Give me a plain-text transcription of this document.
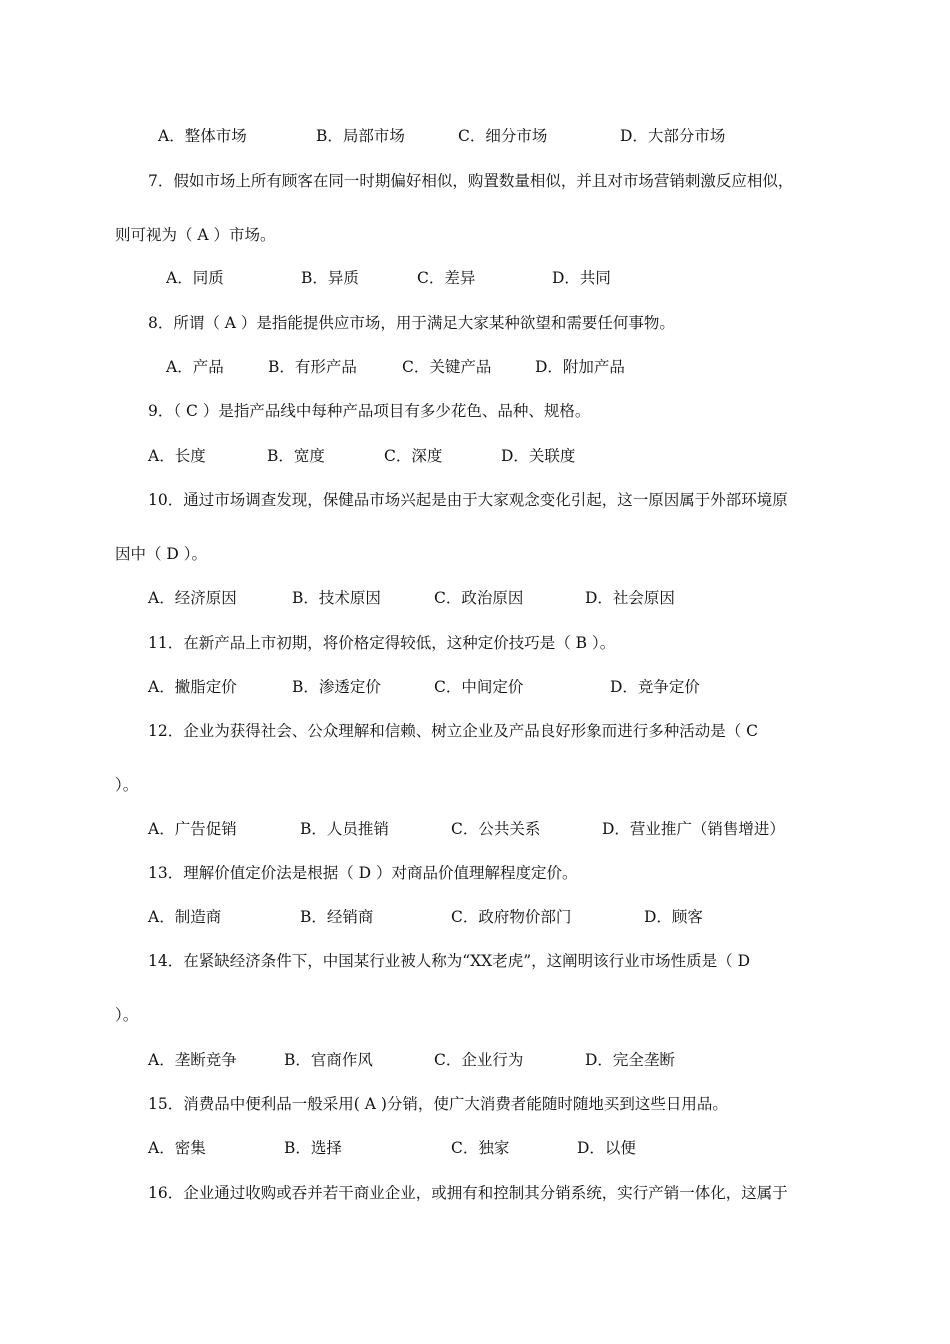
A．整体市场	B．局部市场	C．细分市场	D．大部分市场
7．假如市场上所有顾客在同一时期偏好相似，购置数量相似，并且对市场营销刺激反应相似，
则可视为（ A ）市场。
A．同质	B．异质	C．差异	D．共同
8．所谓（ A ）是指能提供应市场，用于满足大家某种欲望和需要任何事物。
A．产品	B．有形产品	C．关键产品	D．附加产品
9．（ C ）是指产品线中每种产品项目有多少花色、品种、规格。
A．长度	B．宽度	C．深度	D．关联度
10．通过市场调查发现，保健品市场兴起是由于大家观念变化引起，这一原因属于外部环境原
因中（ D ）。
A．经济原因	B．技术原因	C．政治原因	D．社会原因
11．在新产品上市初期，将价格定得较低，这种定价技巧是（ B ）。
A．撇脂定价	B．渗透定价	C．中间定价	D．竞争定价
12．企业为获得社会、公众理解和信赖、树立企业及产品良好形象而进行多种活动是（ C
）。
A．广告促销	B．人员推销	C．公共关系	D．营业推广（销售增进）
13．理解价值定价法是根据（ D ）对商品价值理解程度定价。
A．制造商	B．经销商	C．政府物价部门	D．顾客
14．在紧缺经济条件下，中国某行业被人称为“XX老虎”，这阐明该行业市场性质是（ D
）。
A．垄断竞争	B．官商作风	C．企业行为	D．完全垄断
15．消费品中便利品一般采用( A )分销，使广大消费者能随时随地买到这些日用品。
A．密集	B．选择	C．独家	D．以便
16．企业通过收购或吞并若干商业企业，或拥有和控制其分销系统，实行产销一体化，这属于
